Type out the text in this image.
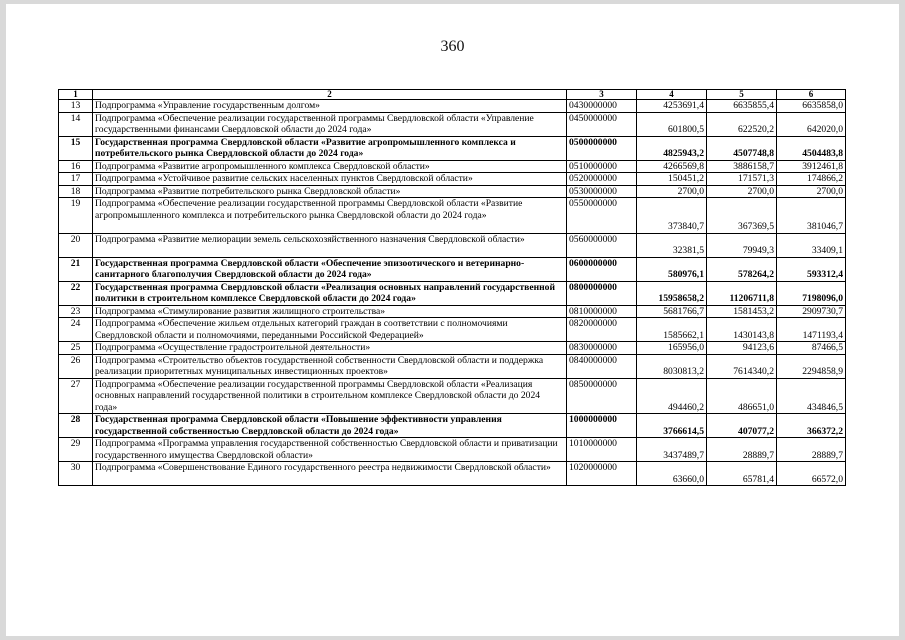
360
1	2	3	4	5	6
13	Подпрограмма «Управление государственным долгом»	0430000000	4253691,4	6635855,4	6635858,0
14	Подпрограмма «Обеспечение реализации государственной программы Свердловской области «Управление государственными финансами Свердловской области до 2024 года»	0450000000	601800,5	622520,2	642020,0
15	Государственная программа Свердловской области «Развитие агропромышленного комплекса и потребительского рынка Свердловской области до 2024 года»	0500000000	4825943,2	4507748,8	4504483,8
16	Подпрограмма «Развитие агропромышленного комплекса Свердловской области»	0510000000	4266569,8	3886158,7	3912461,8
17	Подпрограмма «Устойчивое развитие сельских населенных пунктов Свердловской области»	0520000000	150451,2	171571,3	174866,2
18	Подпрограмма «Развитие потребительского рынка Свердловской области»	0530000000	2700,0	2700,0	2700,0
19	Подпрограмма «Обеспечение реализации государственной программы Свердловской области «Развитие агропромышленного комплекса и потребительского рынка Свердловской области до 2024 года»	0550000000	373840,7	367369,5	381046,7
20	Подпрограмма «Развитие мелиорации земель сельскохозяйственного назначения Свердловской области»	0560000000	32381,5	79949,3	33409,1
21	Государственная программа Свердловской области «Обеспечение эпизоотического и ветеринарно-санитарного благополучия Свердловской области до 2024 года»	0600000000	580976,1	578264,2	593312,4
22	Государственная программа Свердловской области «Реализация основных направлений государственной политики в строительном комплексе Свердловской области до 2024 года»	0800000000	15958658,2	11206711,8	7198096,0
23	Подпрограмма «Стимулирование развития жилищного строительства»	0810000000	5681766,7	1581453,2	2909730,7
24	Подпрограмма «Обеспечение жильем отдельных категорий граждан в соответствии с полномочиями Свердловской области и полномочиями, переданными Российской Федерацией»	0820000000	1585662,1	1430143,8	1471193,4
25	Подпрограмма «Осуществление градостроительной деятельности»	0830000000	165956,0	94123,6	87466,5
26	Подпрограмма «Строительство объектов государственной собственности Свердловской области и поддержка реализации приоритетных муниципальных инвестиционных проектов»	0840000000	8030813,2	7614340,2	2294858,9
27	Подпрограмма «Обеспечение реализации государственной программы Свердловской области «Реализация основных направлений государственной политики в строительном комплексе Свердловской области до 2024 года»	0850000000	494460,2	486651,0	434846,5
28	Государственная программа Свердловской области «Повышение эффективности управления государственной собственностью Свердловской области до 2024 года»	1000000000	3766614,5	407077,2	366372,2
29	Подпрограмма «Программа управления государственной собственностью Свердловской области и приватизации государственного имущества Свердловской области»	1010000000	3437489,7	28889,7	28889,7
30	Подпрограмма «Совершенствование Единого государственного реестра недвижимости Свердловской области»	1020000000	63660,0	65781,4	66572,0
